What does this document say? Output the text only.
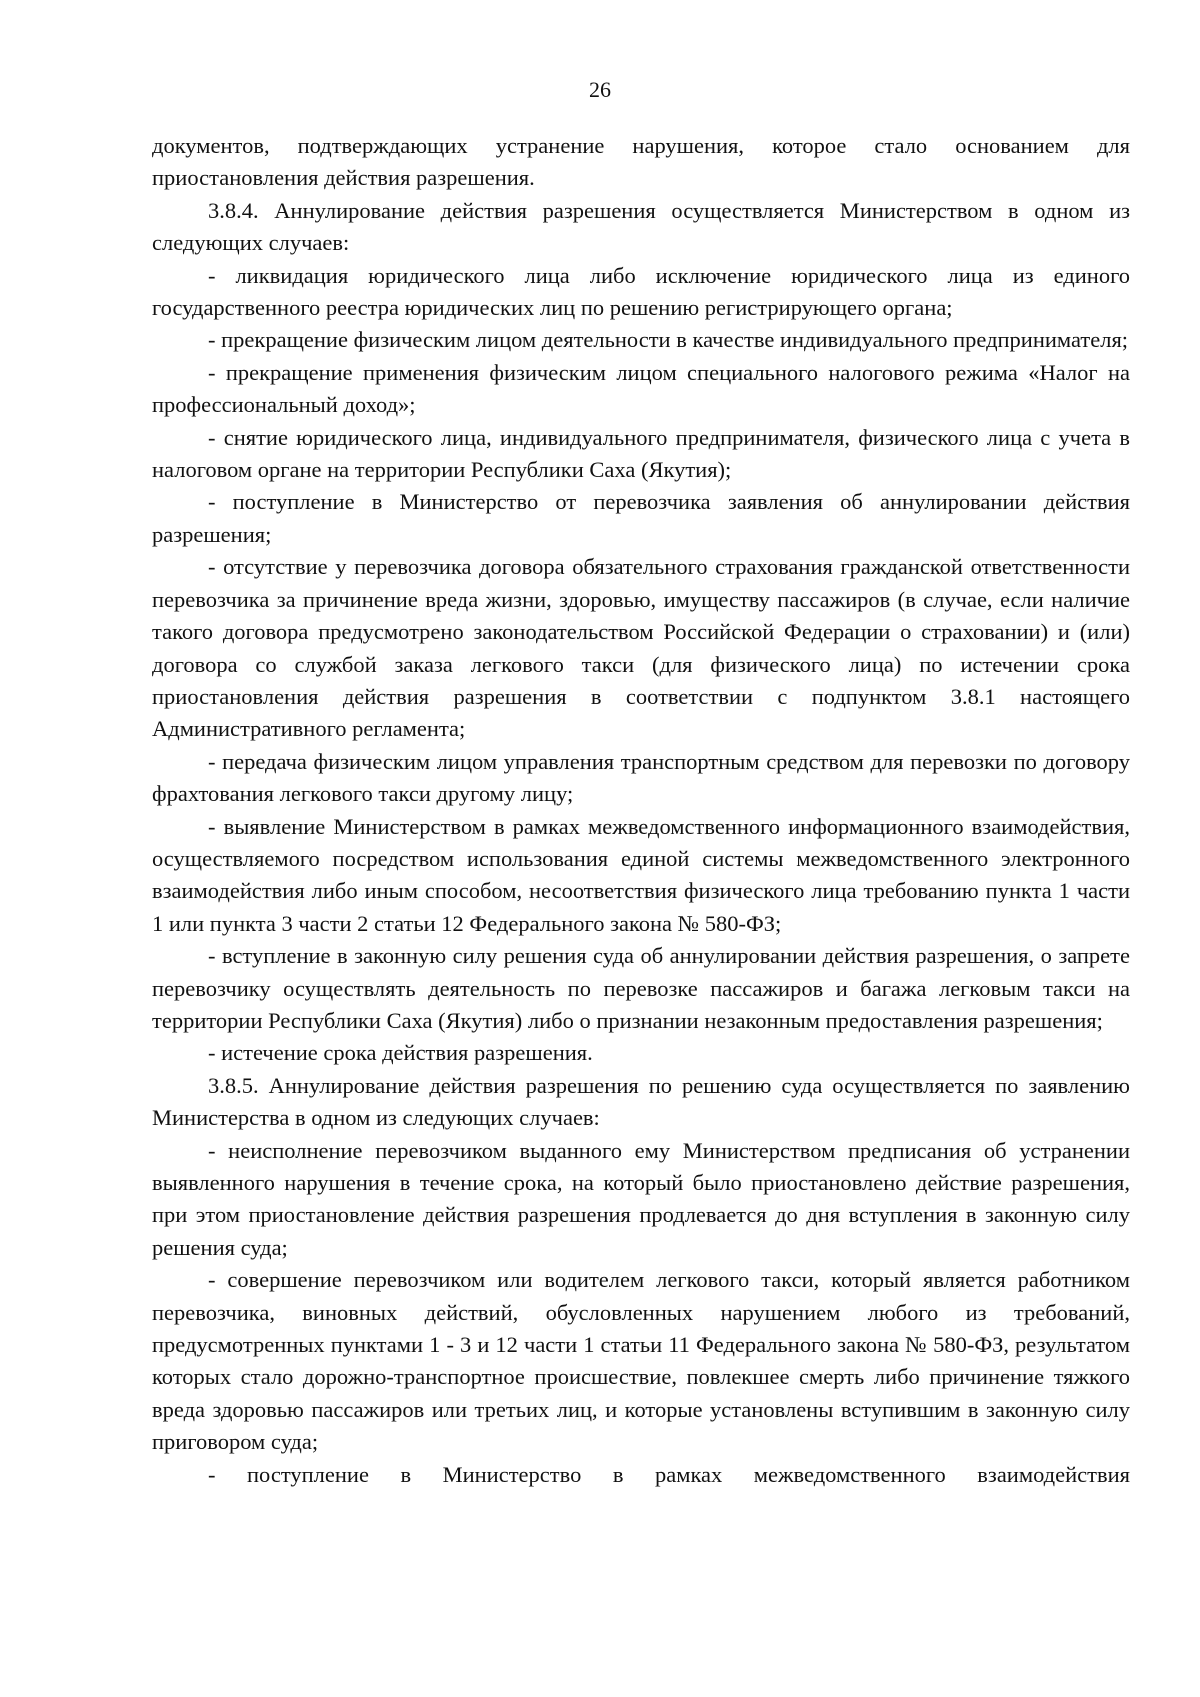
26

документов, подтверждающих устранение нарушения, которое стало основанием для приостановления действия разрешения.

3.8.4. Аннулирование действия разрешения осуществляется Министерством в одном из следующих случаев:

- ликвидация юридического лица либо исключение юридического лица из единого государственного реестра юридических лиц по решению регистрирующего органа;

- прекращение физическим лицом деятельности в качестве индивидуального предпринимателя;

- прекращение применения физическим лицом специального налогового режима «Налог на профессиональный доход»;

- снятие юридического лица, индивидуального предпринимателя, физического лица с учета в налоговом органе на территории Республики Саха (Якутия);

- поступление в Министерство от перевозчика заявления об аннулировании действия разрешения;

- отсутствие у перевозчика договора обязательного страхования гражданской ответственности перевозчика за причинение вреда жизни, здоровью, имуществу пассажиров (в случае, если наличие такого договора предусмотрено законодательством Российской Федерации о страховании) и (или) договора со службой заказа легкового такси (для физического лица) по истечении срока приостановления действия разрешения в соответствии с подпунктом 3.8.1 настоящего Административного регламента;

- передача физическим лицом управления транспортным средством для перевозки по договору фрахтования легкового такси другому лицу;

- выявление Министерством в рамках межведомственного информационного взаимодействия, осуществляемого посредством использования единой системы межведомственного электронного взаимодействия либо иным способом, несоответствия физического лица требованию пункта 1 части 1 или пункта 3 части 2 статьи 12 Федерального закона № 580-ФЗ;

- вступление в законную силу решения суда об аннулировании действия разрешения, о запрете перевозчику осуществлять деятельность по перевозке пассажиров и багажа легковым такси на территории Республики Саха (Якутия) либо о признании незаконным предоставления разрешения;

- истечение срока действия разрешения.

3.8.5. Аннулирование действия разрешения по решению суда осуществляется по заявлению Министерства в одном из следующих случаев:

- неисполнение перевозчиком выданного ему Министерством предписания об устранении выявленного нарушения в течение срока, на который было приостановлено действие разрешения, при этом приостановление действия разрешения продлевается до дня вступления в законную силу решения суда;

- совершение перевозчиком или водителем легкового такси, который является работником перевозчика, виновных действий, обусловленных нарушением любого из требований, предусмотренных пунктами 1 - 3 и 12 части 1 статьи 11 Федерального закона № 580-ФЗ, результатом которых стало дорожно-транспортное происшествие, повлекшее смерть либо причинение тяжкого вреда здоровью пассажиров или третьих лиц, и которые установлены вступившим в законную силу приговором суда;

- поступление в Министерство в рамках межведомственного взаимодействия
